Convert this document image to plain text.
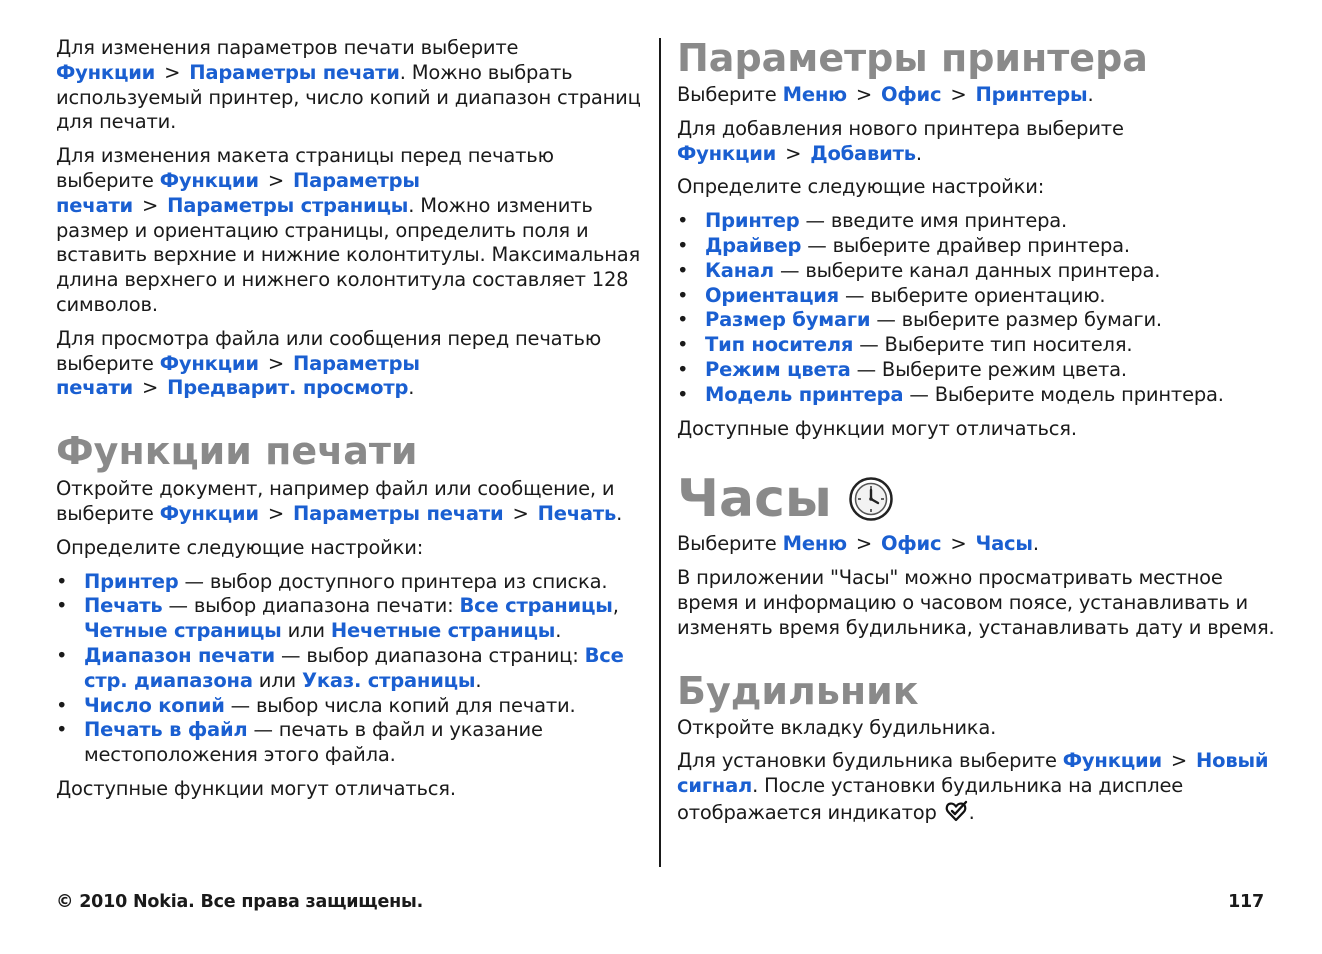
Для изменения параметров печати выберите Функции > Параметры печати. Можно выбрать используемый принтер, число копий и диапазон страниц для печати.

Для изменения макета страницы перед печатью выберите Функции > Параметры печати > Параметры страницы. Можно изменить размер и ориентацию страницы, определить поля и вставить верхние и нижние колонтитулы. Максимальная длина верхнего и нижнего колонтитула составляет 128 символов.

Для просмотра файла или сообщения перед печатью выберите Функции > Параметры печати > Предварит. просмотр.

Функции печати

Откройте документ, например файл или сообщение, и выберите Функции > Параметры печати > Печать.

Определите следующие настройки:

• Принтер — выбор доступного принтера из списка.
• Печать — выбор диапазона печати: Все страницы, Четные страницы или Нечетные страницы.
• Диапазон печати — выбор диапазона страниц: Все стр. диапазона или Указ. страницы.
• Число копий — выбор числа копий для печати.
• Печать в файл — печать в файл и указание местоположения этого файла.

Доступные функции могут отличаться.

Параметры принтера

Выберите Меню > Офис > Принтеры.

Для добавления нового принтера выберите Функции > Добавить.

Определите следующие настройки:

• Принтер — введите имя принтера.
• Драйвер — выберите драйвер принтера.
• Канал — выберите канал данных принтера.
• Ориентация — выберите ориентацию.
• Размер бумаги — выберите размер бумаги.
• Тип носителя — Выберите тип носителя.
• Режим цвета — Выберите режим цвета.
• Модель принтера — Выберите модель принтера.

Доступные функции могут отличаться.

Часы

Выберите Меню > Офис > Часы.

В приложении "Часы" можно просматривать местное время и информацию о часовом поясе, устанавливать и изменять время будильника, устанавливать дату и время.

Будильник

Откройте вкладку будильника.

Для установки будильника выберите Функции > Новый сигнал. После установки будильника на дисплее отображается индикатор .

© 2010 Nokia. Все права защищены.	117
